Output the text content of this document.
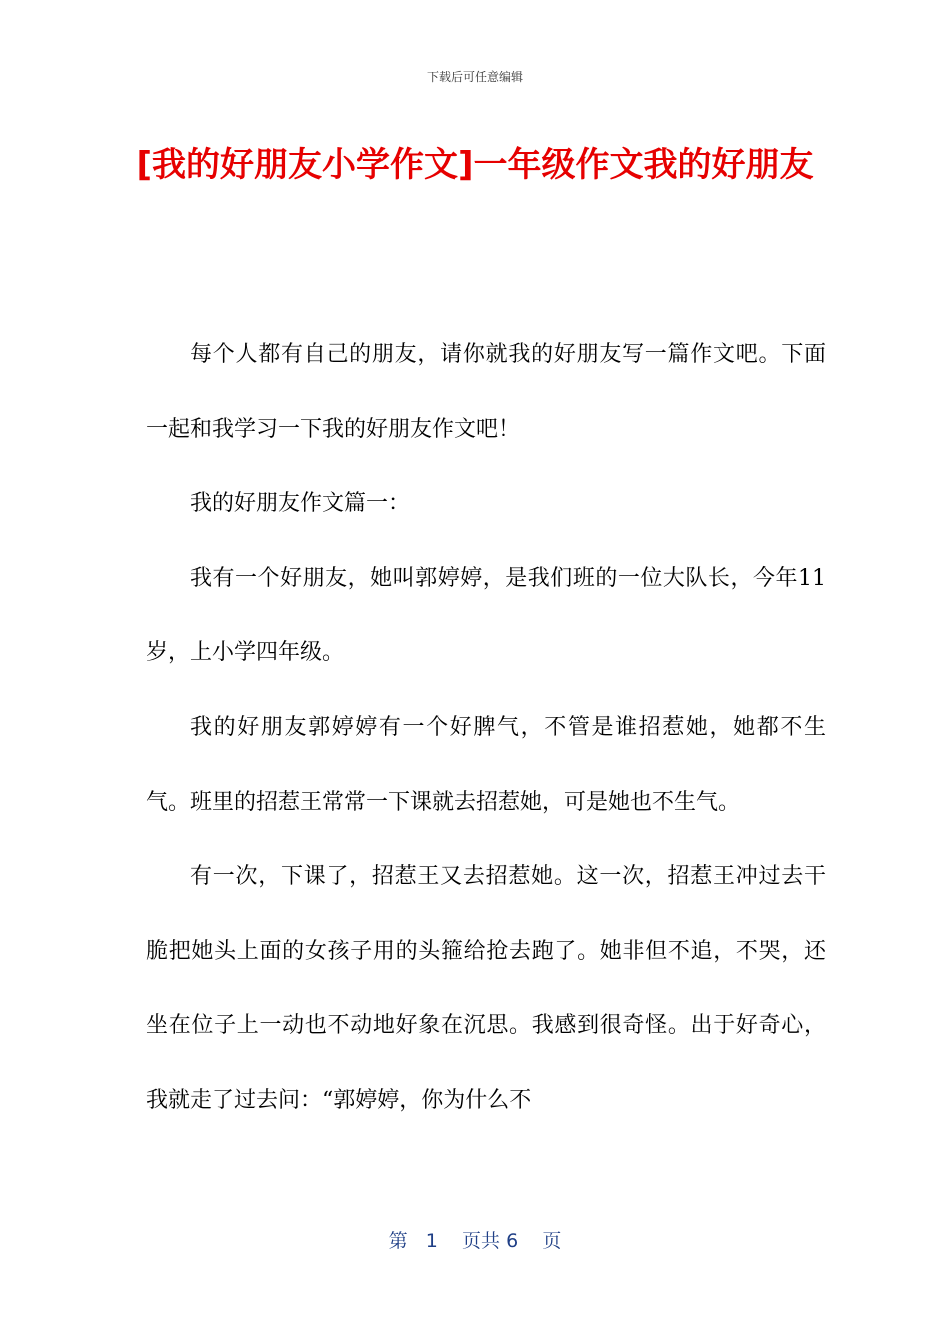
下载后可任意编辑
[我的好朋友小学作文]一年级作文我的好朋友

每个人都有自己的朋友，请你就我的好朋友写一篇作文吧。下面一起和我学习一下我的好朋友作文吧！

我的好朋友作文篇一：

我有一个好朋友，她叫郭婷婷，是我们班的一位大队长，今年11岁，上小学四年级。

我的好朋友郭婷婷有一个好脾气，不管是谁招惹她，她都不生气。班里的招惹王常常一下课就去招惹她，可是她也不生气。

有一次，下课了，招惹王又去招惹她。这一次，招惹王冲过去干脆把她头上面的女孩子用的头箍给抢去跑了。她非但不追，不哭，还坐在位子上一动也不动地好象在沉思。我感到很奇怪。出于好奇心，我就走了过去问：“郭婷婷，你为什么不

第 1 页共 6 页
